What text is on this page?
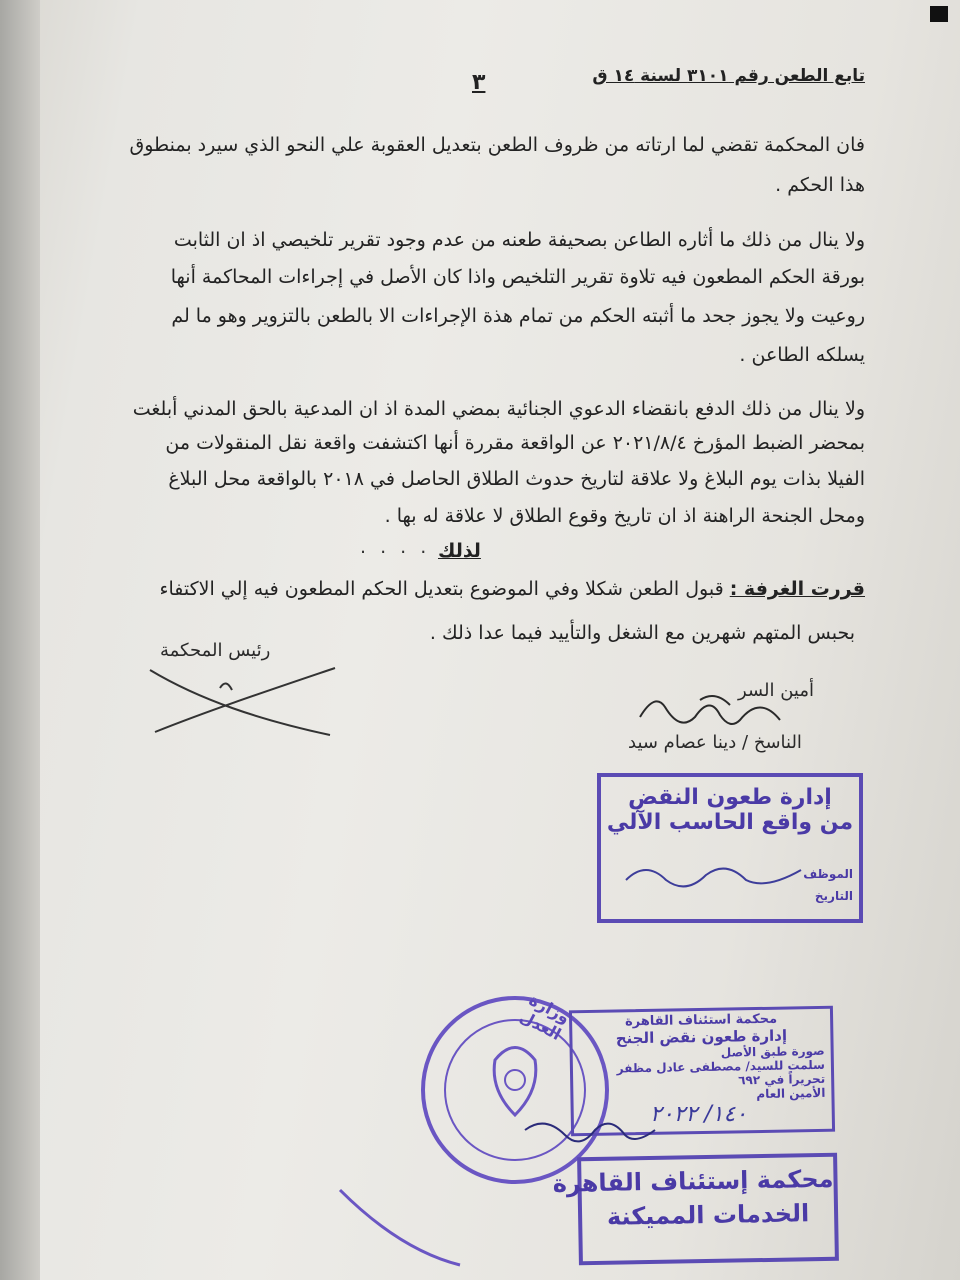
تابع الطعن رقم ٣١٠١ لسنة ١٤ ق
٣
فان المحكمة تقضي لما ارتاته من ظروف الطعن بتعديل العقوبة علي النحو الذي سيرد بمنطوق
هذا الحكم .
ولا ينال من ذلك ما أثاره الطاعن بصحيفة طعنه من عدم وجود تقرير تلخيصي اذ ان الثابت
بورقة الحكم المطعون فيه تلاوة تقرير التلخيص واذا كان الأصل في إجراءات المحاكمة أنها
روعيت ولا يجوز جحد ما أثبته الحكم من تمام هذة الإجراءات الا بالطعن بالتزوير وهو ما لم
يسلكه الطاعن .
ولا ينال من ذلك الدفع بانقضاء الدعوي الجنائية بمضي المدة اذ ان المدعية بالحق المدني أبلغت
بمحضر الضبط المؤرخ ٢٠٢١/٨/٤ عن الواقعة مقررة أنها اكتشفت واقعة نقل المنقولات من
الفيلا بذات يوم البلاغ ولا علاقة لتاريخ حدوث الطلاق الحاصل في ٢٠١٨ بالواقعة محل البلاغ
ومحل الجنحة الراهنة اذ ان تاريخ وقوع الطلاق لا علاقة له بها .
لذلك
. . . .
قررت الغرفة : قبول الطعن شكلا وفي الموضوع بتعديل الحكم المطعون فيه إلي الاكتفاء
بحبس المتهم شهرين مع الشغل والتأييد فيما عدا ذلك .
رئيس المحكمة
أمين السر
الناسخ / دينا عصام سيد
إدارة طعون النقض
من واقع الحاسب الآلي
الموظف
التاريخ
وزارة العدل	محكمة استئناف القاهرة
إدارة طعون نقض الجنح
صورة طبق الأصل
سلمت للسيد/ مصطفى عادل مظفر
تحريراً في ٦٩٢
الأمين العام
١٤٠/ ٢٠٢٢
محكمة إستئناف القاهرة
الخدمات المميكنة
